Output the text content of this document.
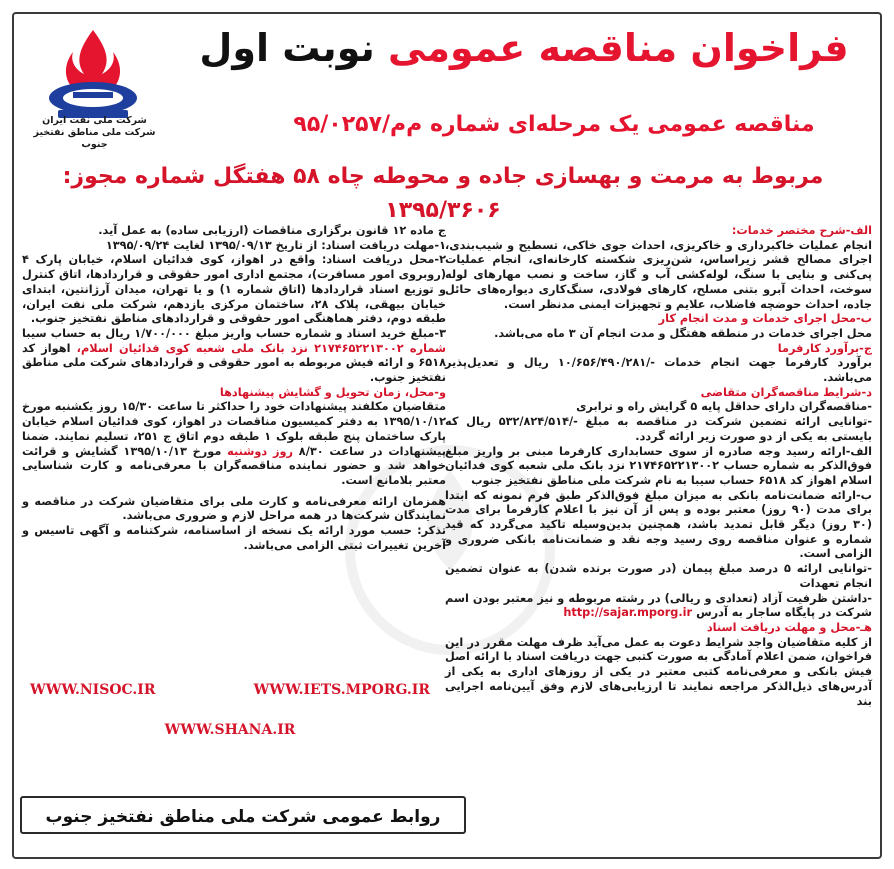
شرکت ملی نفت ایران
شرکت ملی مناطق نفتخیز جنوب
فراخوان مناقصه عمومی نوبت اول
مناقصه عمومی یک مرحله‌ای شماره م‌م/۹۵/۰۲۵۷
مربوط به مرمت و بهسازی جاده و محوطه چاه ۵۸ هفتگل شماره مجوز: ۱۳۹۵/۳۶۰۶

الف-شرح مختصر خدمات:

انجام عملیات خاکبرداری و خاکریزی، احداث جوی خاکی، تسطیح و شیب‌بندی، اجرای مصالح قشر زیراساس، شن‌ریزی شکسته کارخانه‌ای، انجام عملیات پی‌کنی و بنایی با سنگ، لوله‌کشی آب و گاز، ساخت و نصب مهارهای لوله سوخت، احداث آبرو بتنی مسلح، کارهای فولادی، سنگ‌کاری دیواره‌های حائل جاده، احداث حوضچه فاضلاب، علایم و تجهیزات ایمنی مدنظر است.

ب-محل اجرای خدمات و مدت انجام کار

محل اجرای خدمات در منطقه هفتگل و مدت انجام آن ۳ ماه می‌باشد.

ج-برآورد کارفرما

برآورد کارفرما جهت انجام خدمات -/۱۰/۶۵۶/۴۹۰/۲۸۱ ریال و تعدیل‌پذیر می‌باشد.

د-شرایط مناقصه‌گران متقاضی

-مناقصه‌گران دارای حداقل پایه ۵ گرایش راه و ترابری

-توانایی ارائه تضمین شرکت در مناقصه به مبلغ -/۵۳۲/۸۲۴/۵۱۴ ریال که بایستی به یکی از دو صورت زیر ارائه گردد.

الف-ارائه رسید وجه صادره از سوی حسابداری کارفرما مبنی بر واریز مبلغ فوق‌الذکر به شماره حساب ۲۱۷۴۶۵۲۲۱۳۰۰۲ نزد بانک ملی شعبه کوی فدائیان اسلام اهواز کد ۶۵۱۸ حساب سیبا به نام شرکت ملی مناطق نفتخیز جنوب

ب-ارائه ضمانت‌نامه بانکی به میزان مبلغ فوق‌الذکر طبق فرم نمونه که ابتدا برای مدت (۹۰ روز) معتبر بوده و پس از آن نیز با اعلام کارفرما برای مدت (۳۰ روز) دیگر قابل تمدید باشد، همچنین بدین‌وسیله تاکید می‌گردد که قید شماره و عنوان مناقصه روی رسید وجه نقد و ضمانت‌نامه بانکی ضروری و الزامی است.

-توانایی ارائه ۵ درصد مبلغ پیمان (در صورت برنده شدن) به عنوان تضمین انجام تعهدات

-داشتن ظرفیت آزاد (تعدادی و ریالی) در رشته مربوطه و نیز معتبر بودن اسم شرکت در پایگاه ساجار به آدرس http://sajar.mporg.ir

هـ-محل و مهلت دریافت اسناد

از کلیه متقاضیان واجد شرایط دعوت به عمل می‌آید ظرف مهلت مقرر در این فراخوان، ضمن اعلام آمادگی به صورت کتبی جهت دریافت اسناد با ارائه اصل فیش بانکی و معرفی‌نامه کتبی معتبر در یکی از روزهای اداری به یکی از آدرس‌های ذیل‌الذکر مراجعه نمایند تا ارزیابی‌های لازم وفق آیین‌نامه اجرایی بند

ج ماده ۱۲ قانون برگزاری مناقصات (ارزیابی ساده) به عمل آید.

۱-مهلت دریافت اسناد: از تاریخ ۱۳۹۵/۰۹/۱۳ لغایت ۱۳۹۵/۰۹/۲۴

۲-محل دریافت اسناد: واقع در اهواز، کوی فدائیان اسلام، خیابان پارک ۴ (روبروی امور مسافرت)، مجتمع اداری امور حقوقی و قراردادها، اتاق کنترل و توزیع اسناد قراردادها (اتاق شماره ۱) و یا تهران، میدان آرژانتین، ابتدای خیابان بیهقی، پلاک ۲۸، ساختمان مرکزی یازدهم، شرکت ملی نفت ایران، طبقه دوم، دفتر هماهنگی امور حقوقی و قراردادهای مناطق نفتخیز جنوب.

۳-مبلغ خرید اسناد و شماره حساب واریز مبلغ ۱/۷۰۰/۰۰۰ ریال به حساب سیبا شماره ۲۱۷۴۶۵۲۲۱۳۰۰۲ نزد بانک ملی شعبه کوی فدائیان اسلام، اهواز کد ۶۵۱۸ و ارائه فیش مربوطه به امور حقوقی و قراردادهای شرکت ملی مناطق نفتخیز جنوب.

و-محل، زمان تحویل و گشایش پیشنهادها

متقاضیان مکلفند پیشنهادات خود را حداکثر تا ساعت ۱۵/۳۰ روز یکشنبه مورخ ۱۳۹۵/۱۰/۱۲ به دفتر کمیسیون مناقصات در اهواز، کوی فدائیان اسلام خیابان پارک ساختمان پنج طبقه بلوک ۱ طبقه دوم اتاق ج ۲۵۱، تسلیم نمایند. ضمنا پیشنهادات در ساعت ۸/۳۰ روز دوشنبه مورخ ۱۳۹۵/۱۰/۱۳ گشایش و قرائت خواهد شد و حضور نماینده مناقصه‌گران با معرفی‌نامه و کارت شناسایی معتبر بلامانع است.

همزمان ارائه معرفی‌نامه و کارت ملی برای متقاضیان شرکت در مناقصه و نمایندگان شرکت‌ها در همه مراحل لازم و ضروری می‌باشد.

تذکر: حسب مورد ارائه یک نسخه از اساسنامه، شرکتنامه و آگهی تاسیس و آخرین تغییرات ثبتی الزامی می‌باشد.

WWW.NISOC.IR	WWW.IETS.MPORG.IR
WWW.SHANA.IR
روابط عمومی شرکت ملی مناطق نفتخیز جنوب
